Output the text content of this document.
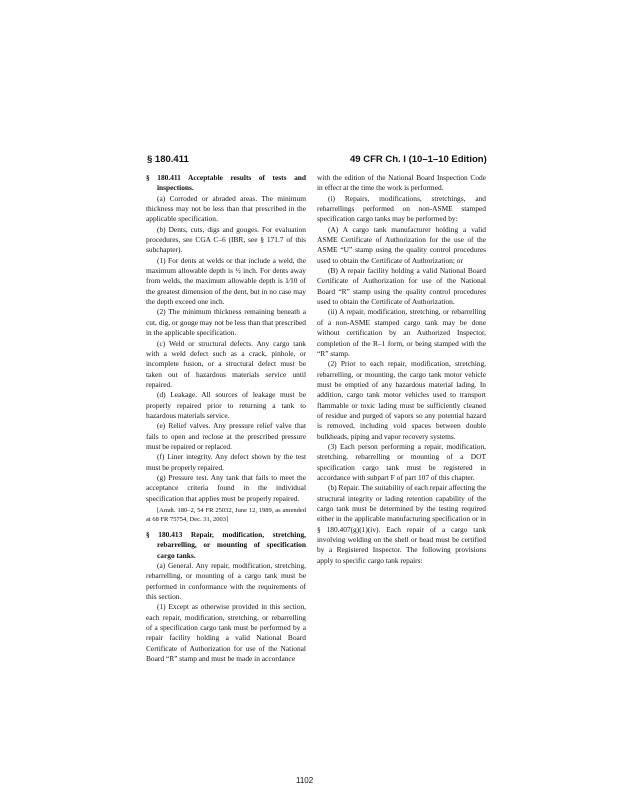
§ 180.411	49 CFR Ch. I (10–1–10 Edition)

§ 180.411 Acceptable results of tests and inspections.

(a) Corroded or abraded areas. The minimum thickness may not be less than that prescribed in the applicable specification.

(b) Dents, cuts, digs and gouges. For evaluation procedures, see CGA C–6 (IBR, see § 171.7 of this subchapter).

(1) For dents at welds or that include a weld, the maximum allowable depth is ½ inch. For dents away from welds, the maximum allowable depth is 1⁄10 of the greatest dimension of the dent, but in no case may the depth exceed one inch.

(2) The minimum thickness remaining beneath a cut, dig, or gouge may not be less than that prescribed in the applicable specification.

(c) Weld or structural defects. Any cargo tank with a weld defect such as a crack, pinhole, or incomplete fusion, or a structural defect must be taken out of hazardous materials service until repaired.

(d) Leakage. All sources of leakage must be properly repaired prior to returning a tank to hazardous materials service.

(e) Relief valves. Any pressure relief valve that fails to open and reclose at the prescribed pressure must be repaired or replaced.

(f) Liner integrity. Any defect shown by the test must be properly repaired.

(g) Pressure test. Any tank that fails to meet the acceptance criteria found in the individual specification that applies must be properly repaired.

[Amdt. 180–2, 54 FR 25032, June 12, 1989, as amended at 68 FR 75754, Dec. 31, 2003]

§ 180.413 Repair, modification, stretching, rebarrelling, or mounting of specification cargo tanks.

(a) General. Any repair, modification, stretching, rebarrelling, or mounting of a cargo tank must be performed in conformance with the requirements of this section.

(1) Except as otherwise provided in this section, each repair, modification, stretching, or rebarrelling of a specification cargo tank must be performed by a repair facility holding a valid National Board Certificate of Authorization for use of the National Board “R” stamp and must be made in accordance

with the edition of the National Board Inspection Code in effect at the time the work is performed.

(i) Repairs, modifications, stretchings, and rebarrellings performed on non-ASME stamped specification cargo tanks may be performed by:

(A) A cargo tank manufacturer holding a valid ASME Certificate of Authorization for the use of the ASME “U” stamp using the quality control procedures used to obtain the Certificate of Authorization; or

(B) A repair facility holding a valid National Board Certificate of Authorization for use of the National Board “R” stamp using the quality control procedures used to obtain the Certificate of Authorization.

(ii) A repair, modification, stretching, or rebarrelling of a non-ASME stamped cargo tank may be done without certification by an Authorized Inspector, completion of the R–1 form, or being stamped with the “R” stamp.

(2) Prior to each repair, modification, stretching, rebarrelling, or mounting, the cargo tank motor vehicle must be emptied of any hazardous material lading. In addition, cargo tank motor vehicles used to transport flammable or toxic lading must be sufficiently cleaned of residue and purged of vapors so any potential hazard is removed, including void spaces between double bulkheads, piping and vapor recovery systems.

(3) Each person performing a repair, modification, stretching, rebarrelling or mounting of a DOT specification cargo tank must be registered in accordance with subpart F of part 107 of this chapter.

(b) Repair. The suitability of each repair affecting the structural integrity or lading retention capability of the cargo tank must be determined by the testing required either in the applicable manufacturing specification or in § 180.407(g)(1)(iv). Each repair of a cargo tank involving welding on the shell or head must be certified by a Registered Inspector. The following provisions apply to specific cargo tank repairs:

1102
